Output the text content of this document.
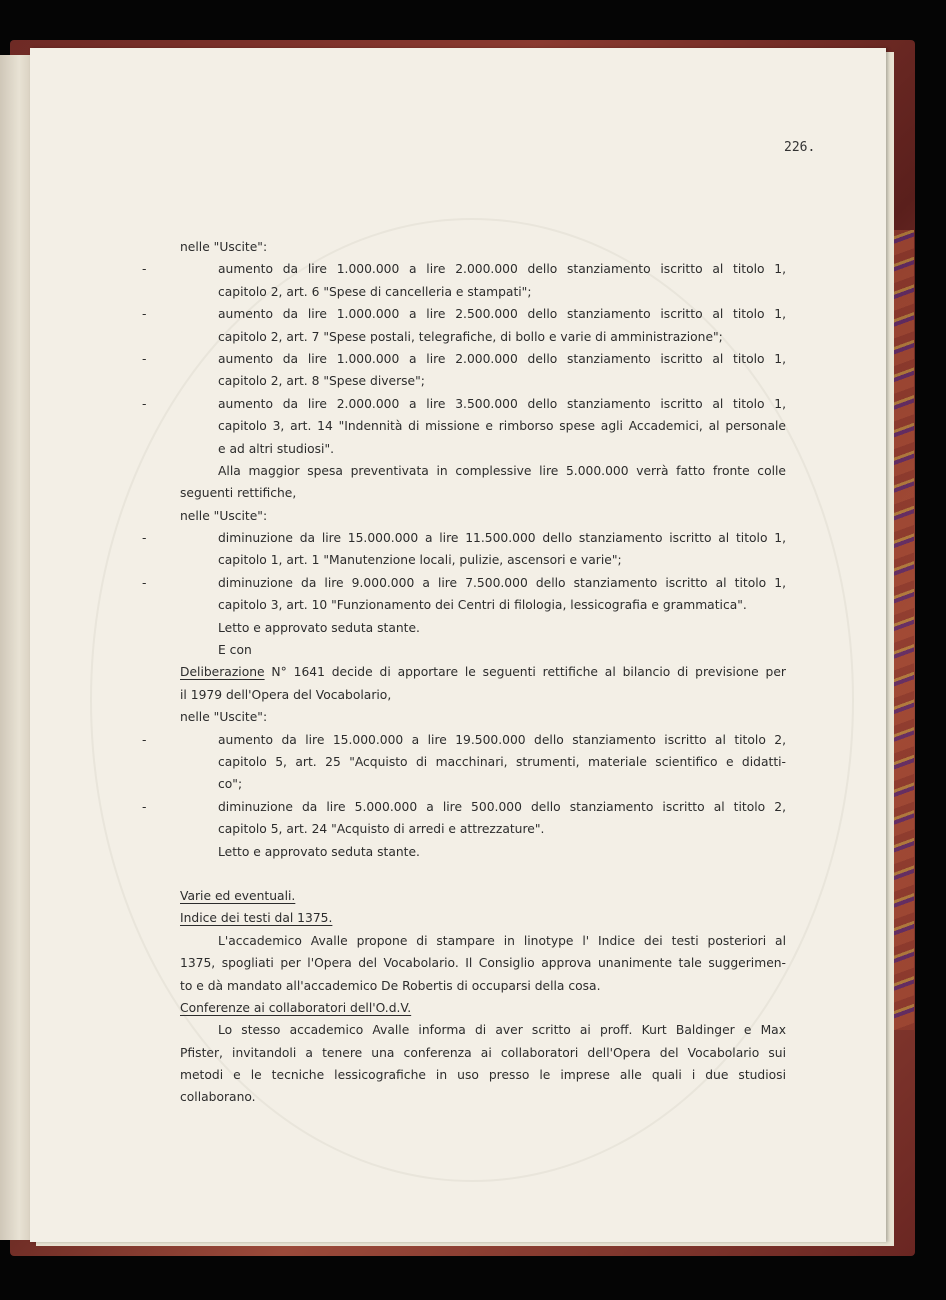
226.
nelle "Uscite":
aumento da lire 1.000.000 a lire 2.000.000 dello stanziamento iscritto al titolo 1,
-
capitolo 2, art. 6 "Spese di cancelleria e stampati";
aumento da lire 1.000.000 a lire 2.500.000 dello stanziamento iscritto al titolo 1,
-
capitolo 2, art. 7 "Spese postali, telegrafiche, di bollo e varie di amministrazione";
aumento da lire 1.000.000 a lire 2.000.000 dello stanziamento iscritto al titolo 1,
-
capitolo 2, art. 8 "Spese diverse";
aumento da lire 2.000.000 a lire 3.500.000 dello stanziamento iscritto al titolo 1,
-
capitolo 3, art. 14 "Indennità di missione e rimborso spese agli Accademici, al personale
e ad altri studiosi".
Alla maggior spesa preventivata in complessive lire 5.000.000 verrà fatto fronte colle
seguenti rettifiche,
nelle "Uscite":
diminuzione da lire 15.000.000 a lire 11.500.000 dello stanziamento iscritto al titolo 1,
-
capitolo 1, art. 1 "Manutenzione locali, pulizie, ascensori e varie";
diminuzione da lire 9.000.000 a lire 7.500.000 dello stanziamento iscritto al titolo 1,
-
capitolo 3, art. 10 "Funzionamento dei Centri di filologia, lessicografia e grammatica".
Letto e approvato seduta stante.
E con
Deliberazione N° 1641 decide di apportare le seguenti rettifiche al bilancio di previsione per
il 1979 dell'Opera del Vocabolario,
nelle "Uscite":
aumento da lire 15.000.000 a lire 19.500.000 dello stanziamento iscritto al titolo 2,
-
capitolo 5, art. 25 "Acquisto di macchinari, strumenti, materiale scientifico e didatti-
co";
diminuzione da lire 5.000.000 a lire 500.000 dello stanziamento iscritto al titolo 2,
-
capitolo 5, art. 24 "Acquisto di arredi e attrezzature".
Letto e approvato seduta stante.
Varie ed eventuali.
Indice dei testi dal 1375.
L'accademico Avalle propone di stampare in linotype l' Indice dei testi posteriori al
1375, spogliati per l'Opera del Vocabolario. Il Consiglio approva unanimente tale suggerimen-
to e dà mandato all'accademico De Robertis di occuparsi della cosa.
Conferenze ai collaboratori dell'O.d.V.
Lo stesso accademico Avalle informa di aver scritto ai proff. Kurt Baldinger e Max
Pfister, invitandoli a tenere una conferenza ai collaboratori dell'Opera del Vocabolario sui
metodi e le tecniche lessicografiche in uso presso le imprese alle quali i due studiosi
collaborano.
